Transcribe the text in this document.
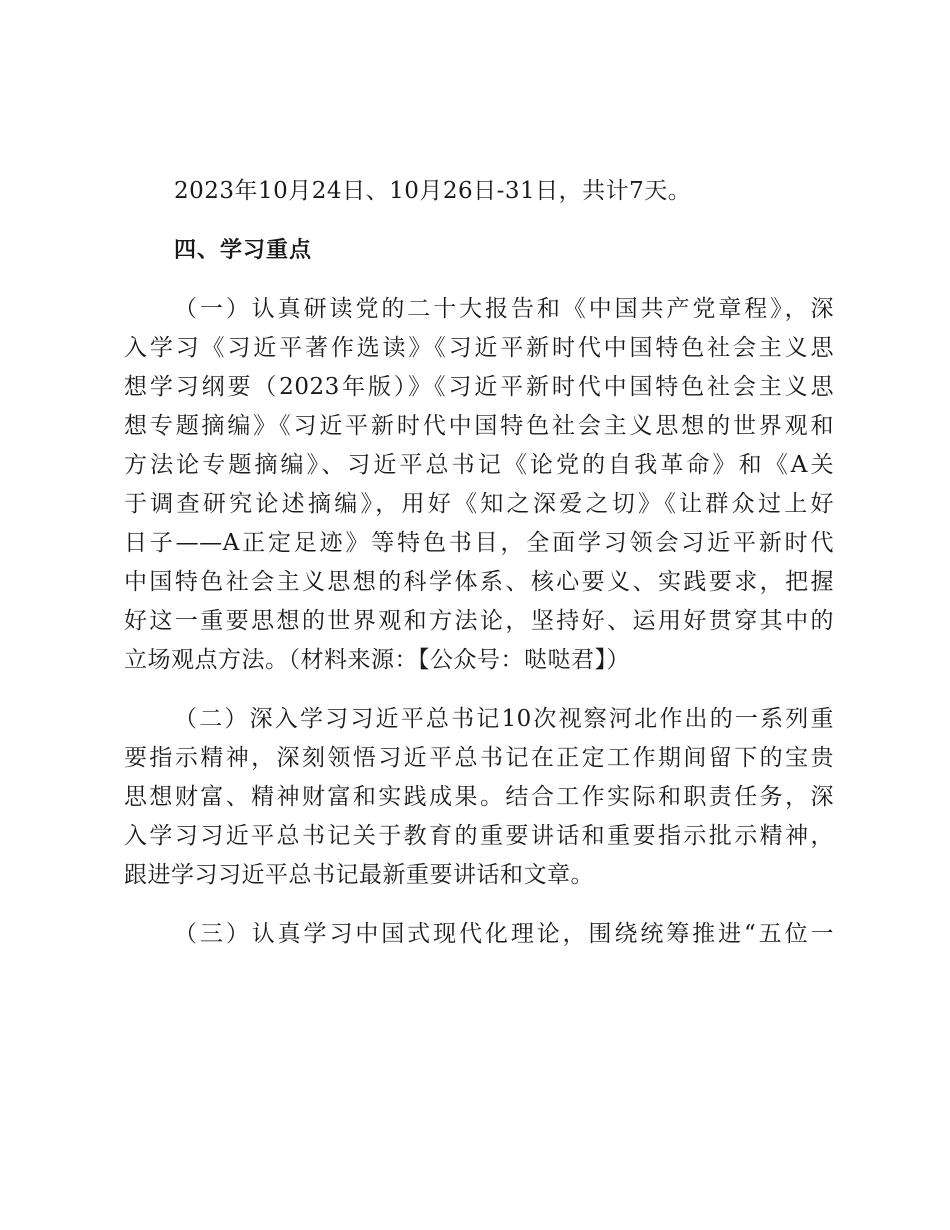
2023年10月24日、10月26日-31日，共计7天。
四、学习重点
（一）认真研读党的二十大报告和《中国共产党章程》，深
入学习《习近平著作选读》《习近平新时代中国特色社会主义思
想学习纲要（2023年版）》《习近平新时代中国特色社会主义思
想专题摘编》《习近平新时代中国特色社会主义思想的世界观和
方法论专题摘编》、习近平总书记《论党的自我革命》和《A关
于调查研究论述摘编》，用好《知之深爱之切》《让群众过上好
日子——A正定足迹》等特色书目，全面学习领会习近平新时代
中国特色社会主义思想的科学体系、核心要义、实践要求，把握
好这一重要思想的世界观和方法论，坚持好、运用好贯穿其中的
立场观点方法。（材料来源：【公众号：哒哒君】）
（二）深入学习习近平总书记10次视察河北作出的一系列重
要指示精神，深刻领悟习近平总书记在正定工作期间留下的宝贵
思想财富、精神财富和实践成果。结合工作实际和职责任务，深
入学习习近平总书记关于教育的重要讲话和重要指示批示精神，
跟进学习习近平总书记最新重要讲话和文章。
（三）认真学习中国式现代化理论，围绕统筹推进“五位一
